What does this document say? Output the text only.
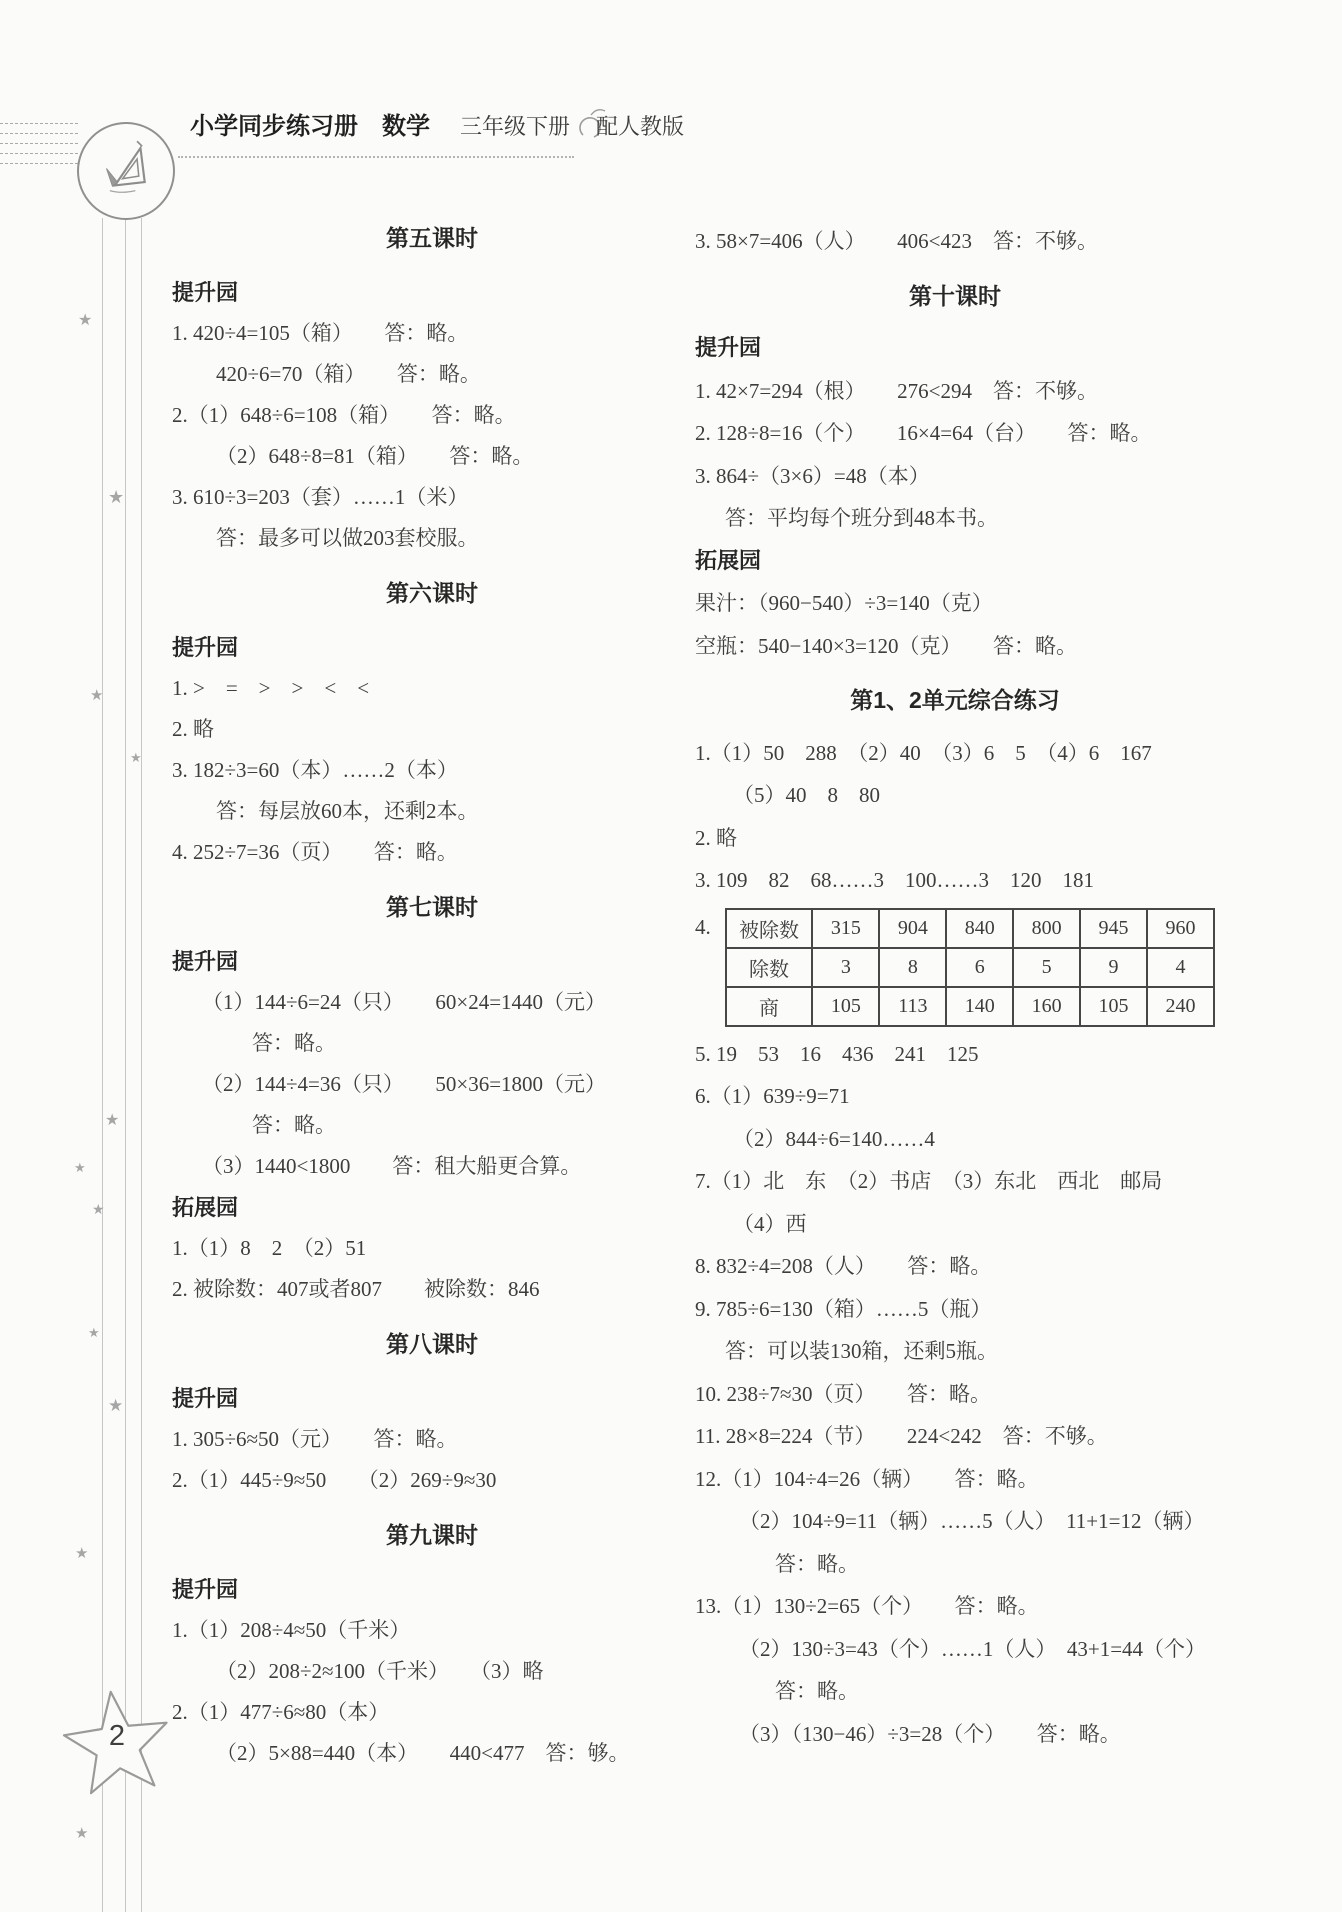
小学同步练习册 数学 三年级下册 配人教版
★
★
★
★
★
★
★
★
★
★
★
2
第五课时
提升园
1. 420÷4=105（箱）　　答：略。
420÷6=70（箱）　　答：略。
2.（1）648÷6=108（箱）　　答：略。
（2）648÷8=81（箱）　　答：略。
3. 610÷3=203（套）……1（米）
答：最多可以做203套校服。
第六课时
提升园
1. >　=　>　>　<　<
2. 略
3. 182÷3=60（本）……2（本）
答：每层放60本，还剩2本。
4. 252÷7=36（页）　　答：略。
第七课时
提升园
（1）144÷6=24（只）　　60×24=1440（元）
答：略。
（2）144÷4=36（只）　　50×36=1800（元）
答：略。
（3）1440<1800　　答：租大船更合算。
拓展园
1.（1）8　2　（2）51
2. 被除数：407或者807　　被除数：846
第八课时
提升园
1. 305÷6≈50（元）　　答：略。
2.（1）445÷9≈50　　（2）269÷9≈30
第九课时
提升园
1.（1）208÷4≈50（千米）
（2）208÷2≈100（千米）　　（3）略
2.（1）477÷6≈80（本）
（2）5×88=440（本）　　440<477　答：够。
3. 58×7=406（人）　　406<423　答：不够。
第十课时
提升园
1. 42×7=294（根）　　276<294　答：不够。
2. 128÷8=16（个）　　16×4=64（台）　　答：略。
3. 864÷（3×6）=48（本）
答：平均每个班分到48本书。
拓展园
果汁：（960−540）÷3=140（克）
空瓶：540−140×3=120（克）　　答：略。
第1、2单元综合练习
1.（1）50　288　（2）40　（3）6　5　（4）6　167
（5）40　8　80
2. 略
3. 109　82　68……3　100……3　120　181
4.	被除数	315	904	840	800	945	960
除数	3	8	6	5	9	4
商	105	113	140	160	105	240
5. 19　53　16　436　241　125
6.（1）639÷9=71
（2）844÷6=140……4
7.（1）北　东　（2）书店　（3）东北　西北　邮局
（4）西
8. 832÷4=208（人）　　答：略。
9. 785÷6=130（箱）……5（瓶）
答：可以装130箱，还剩5瓶。
10. 238÷7≈30（页）　　答：略。
11. 28×8=224（节）　　224<242　答：不够。
12.（1）104÷4=26（辆）　　答：略。
（2）104÷9=11（辆）……5（人）　11+1=12（辆）
答：略。
13.（1）130÷2=65（个）　　答：略。
（2）130÷3=43（个）……1（人）　43+1=44（个）
答：略。
（3）（130−46）÷3=28（个）　　答：略。
